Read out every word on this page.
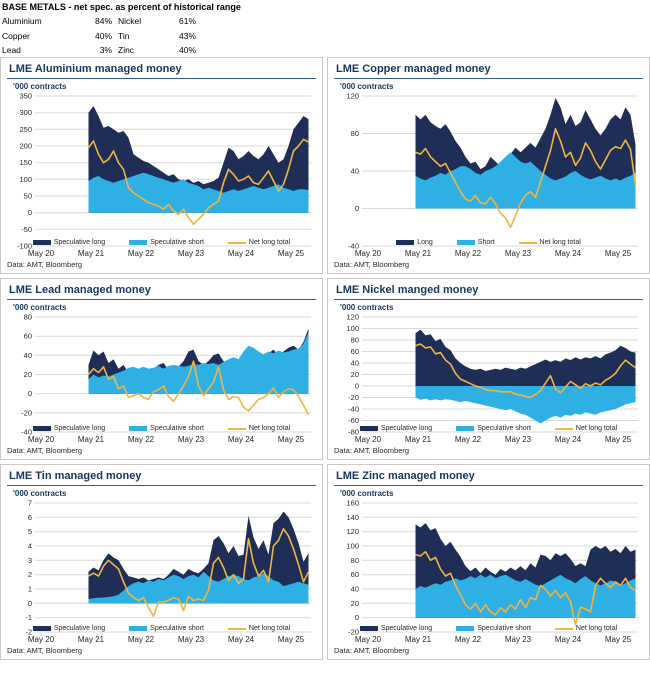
BASE METALS - net spec. as percent of historical range
Aluminium	84% Nickel	61%
Copper	40% Tin	43%
Lead	3% Zinc	40%
LME Aluminium managed money
'000 contracts
-100
-50
0
50
100
150
200
250
300
350
May 20	May 21	May 22	May 23	May 24	May 25
Speculative long	Speculative short	Net long total
Data: AMT, Bloomberg
LME Copper managed money
'000 contracts
-40
0
40
80
120
May 20	May 21	May 22	May 23	May 24	May 25
Long	Short	Net long total
Data: AMT, Bloomberg
LME Lead managed money
'000 contracts
-40
-20
0
20
40
60
80
May 20	May 21	May 22	May 23	May 24	May 25
Speculative long	Speculative short	Net long total
Data: AMT, Bloomberg
LME Nickel manged money
'000 contracts
-80
-60
-40
-20
0
20
40
60
80
100
120
May 20	May 21	May 22	May 23	May 24	May 25
Speculative long	Speculative short	Net long total
Data: AMT, Bloomberg
LME Tin managed money
'000 contracts
-2
-1
0
1
2
3
4
5
6
7
May 20	May 21	May 22	May 23	May 24	May 25
Speculative long	Speculative short	Net long total
Data: AMT, Bloomberg
LME Zinc managed money
'000 contracts
-20
0
20
40
60
80
100
120
140
160
May 20	May 21	May 22	May 23	May 24	May 25
Speculative long	Speculative short	Net long total
Data: AMT, Bloomberg
